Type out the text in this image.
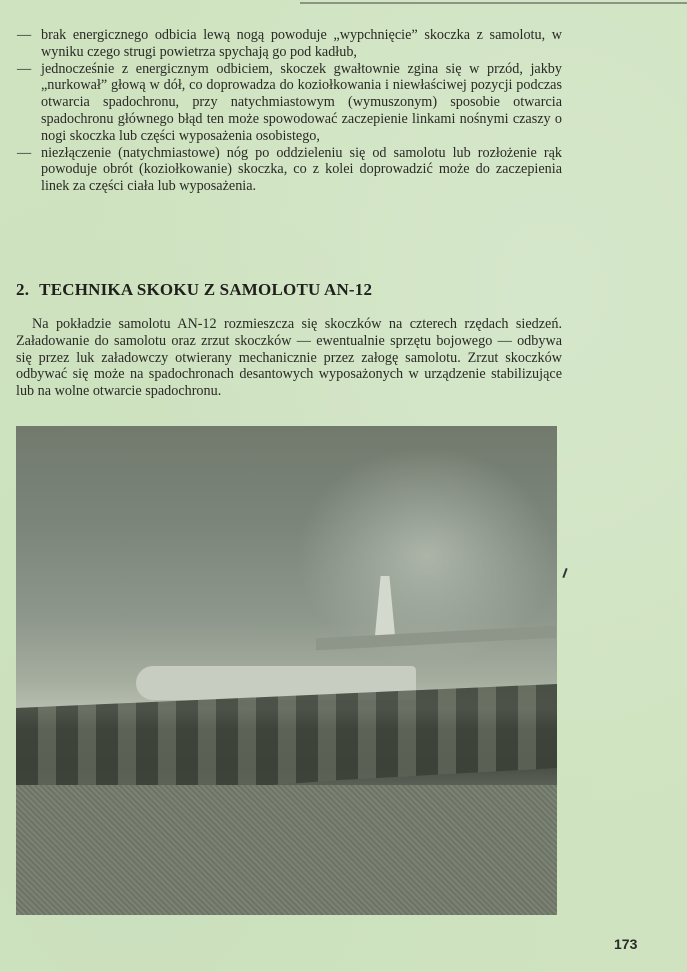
— brak energicznego odbicia lewą nogą powoduje „wypchnięcie” skoczka z samolotu, w wyniku czego strugi powietrza spychają go pod kadłub,
— jednocześnie z energicznym odbiciem, skoczek gwałtownie zgina się w przód, jakby „nurkował” głową w dół, co doprowadza do koziołkowania i niewłaściwej pozycji podczas otwarcia spadochronu, przy natychmiastowym (wymuszonym) sposobie otwarcia spadochronu głównego błąd ten może spowodować zaczepienie linkami nośnymi czaszy o nogi skoczka lub części wyposażenia osobistego,
— niezłączenie (natychmiastowe) nóg po oddzieleniu się od samolotu lub rozłożenie rąk powoduje obrót (koziołkowanie) skoczka, co z kolei doprowadzić może do zaczepienia linek za części ciała lub wyposażenia.
2. TECHNIKA SKOKU Z SAMOLOTU AN-12
Na pokładzie samolotu AN-12 rozmieszcza się skoczków na czterech rzędach siedzeń. Załadowanie do samolotu oraz zrzut skoczków — ewentualnie sprzętu bojowego — odbywa się przez luk załadowczy otwierany mechanicznie przez załogę samolotu. Zrzut skoczków odbywać się może na spadochronach desantowych wyposażonych w urządzenie stabilizujące lub na wolne otwarcie spadochronu.
173
